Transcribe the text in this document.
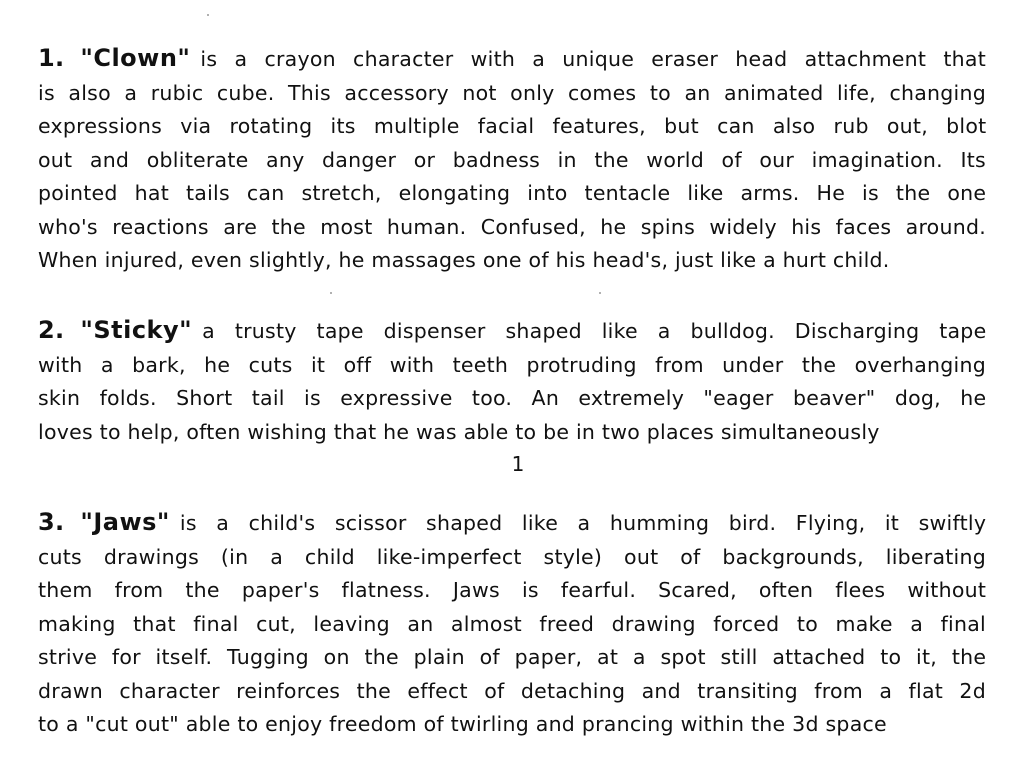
1. "Clown" is a crayon character with a unique eraser head attachment that
is also a rubic cube. This accessory not only comes to an animated life, changing
expressions via rotating its multiple facial features, but can also rub out, blot
out and obliterate any danger or badness in the world of our imagination. Its
pointed hat tails can stretch, elongating into tentacle like arms. He is the one
who's reactions are the most human. Confused, he spins widely his faces around.
When injured, even slightly, he massages one of his head's, just like a hurt child.
2. "Sticky" a trusty tape dispenser shaped like a bulldog. Discharging tape
with a bark, he cuts it off with teeth protruding from under the overhanging
skin folds. Short tail is expressive too. An extremely "eager beaver" dog, he
loves to help, often wishing that he was able to be in two places simultaneously
1
3. "Jaws" is a child's scissor shaped like a humming bird. Flying, it swiftly
cuts drawings (in a child like-imperfect style) out of backgrounds, liberating
them from the paper's flatness. Jaws is fearful. Scared, often flees without
making that final cut, leaving an almost freed drawing forced to make a final
strive for itself. Tugging on the plain of paper, at a spot still attached to it, the
drawn character reinforces the effect of detaching and transiting from a flat 2d
to a "cut out" able to enjoy freedom of twirling and prancing within the 3d space
